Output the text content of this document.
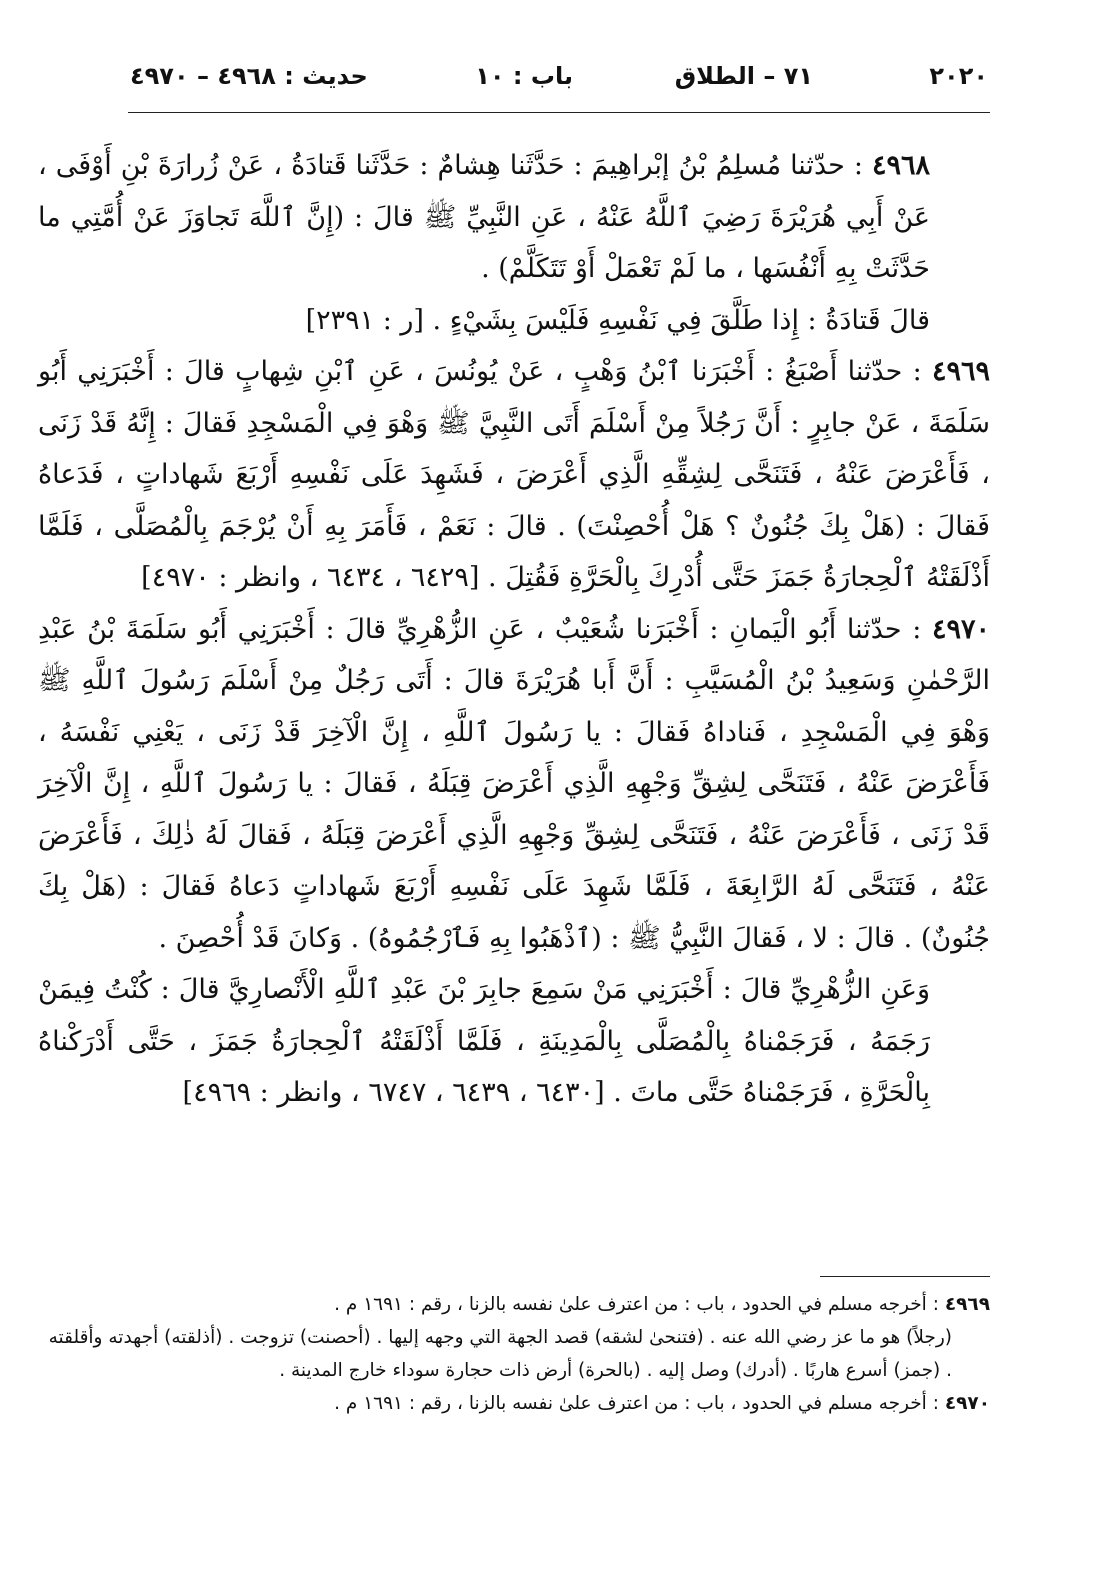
٢٠٢٠
٧١ – الطلاق
باب : ١٠
حديث : ٤٩٦٨ – ٤٩٧٠

٤٩٦٨ : حدّثنا مُسلِمُ بْنُ إبْراهِيمَ : حَدَّثَنا هِشامٌ : حَدَّثَنا قَتادَةُ ، عَنْ زُرارَةَ بْنِ أَوْفَى ، عَنْ أَبِي هُرَيْرَةَ رَضِيَ ٱللَّهُ عَنْهُ ، عَنِ النَّبِيِّ ﷺ قالَ : (إِنَّ ٱللَّهَ تَجاوَزَ عَنْ أُمَّتِي ما حَدَّثَتْ بِهِ أَنْفُسَها ، ما لَمْ تَعْمَلْ أَوْ تَتَكَلَّمْ) .

قالَ قَتادَةُ : إِذا طَلَّقَ فِي نَفْسِهِ فَلَيْسَ بِشَيْءٍ . [ر : ٢٣٩١]

٤٩٦٩ : حدّثنا أَصْبَغُ : أَخْبَرَنا ٱبْنُ وَهْبٍ ، عَنْ يُونُسَ ، عَنِ ٱبْنِ شِهابٍ قالَ : أَخْبَرَنِي أَبُو سَلَمَةَ ، عَنْ جابِرٍ : أَنَّ رَجُلاً مِنْ أَسْلَمَ أَتَى النَّبِيَّ ﷺ وَهْوَ فِي الْمَسْجِدِ فَقالَ : إِنَّهُ قَدْ زَنَى ، فَأَعْرَضَ عَنْهُ ، فَتَنَحَّى لِشِقِّهِ الَّذِي أَعْرَضَ ، فَشَهِدَ عَلَى نَفْسِهِ أَرْبَعَ شَهاداتٍ ، فَدَعاهُ فَقالَ : (هَلْ بِكَ جُنُونٌ ؟ هَلْ أُحْصِنْتَ) . قالَ : نَعَمْ ، فَأَمَرَ بِهِ أَنْ يُرْجَمَ بِالْمُصَلَّى ، فَلَمَّا أَذْلَقَتْهُ ٱلْحِجارَةُ جَمَزَ حَتَّى أُدْرِكَ بِالْحَرَّةِ فَقُتِلَ . [٦٤٢٩ ، ٦٤٣٤ ، وانظر : ٤٩٧٠]

٤٩٧٠ : حدّثنا أَبُو الْيَمانِ : أَخْبَرَنا شُعَيْبٌ ، عَنِ الزُّهْرِيِّ قالَ : أَخْبَرَنِي أَبُو سَلَمَةَ بْنُ عَبْدِ الرَّحْمٰنِ وَسَعِيدُ بْنُ الْمُسَيَّبِ : أَنَّ أَبا هُرَيْرَةَ قالَ : أَتَى رَجُلٌ مِنْ أَسْلَمَ رَسُولَ ٱللَّهِ ﷺ وَهْوَ فِي الْمَسْجِدِ ، فَناداهُ فَقالَ : يا رَسُولَ ٱللَّهِ ، إِنَّ الْآخِرَ قَدْ زَنَى ، يَعْنِي نَفْسَهُ ، فَأَعْرَضَ عَنْهُ ، فَتَنَحَّى لِشِقِّ وَجْهِهِ الَّذِي أَعْرَضَ قِبَلَهُ ، فَقالَ : يا رَسُولَ ٱللَّهِ ، إِنَّ الْآخِرَ قَدْ زَنَى ، فَأَعْرَضَ عَنْهُ ، فَتَنَحَّى لِشِقِّ وَجْهِهِ الَّذِي أَعْرَضَ قِبَلَهُ ، فَقالَ لَهُ ذٰلِكَ ، فَأَعْرَضَ عَنْهُ ، فَتَنَحَّى لَهُ الرَّابِعَةَ ، فَلَمَّا شَهِدَ عَلَى نَفْسِهِ أَرْبَعَ شَهاداتٍ دَعاهُ فَقالَ : (هَلْ بِكَ جُنُونٌ) . قالَ : لا ، فَقالَ النَّبِيُّ ﷺ : (ٱذْهَبُوا بِهِ فَٱرْجُمُوهُ) . وَكانَ قَدْ أُحْصِنَ .

وَعَنِ الزُّهْرِيِّ قالَ : أَخْبَرَنِي مَنْ سَمِعَ جابِرَ بْنَ عَبْدِ ٱللَّهِ الْأَنْصارِيَّ قالَ : كُنْتُ فِيمَنْ رَجَمَهُ ، فَرَجَمْناهُ بِالْمُصَلَّى بِالْمَدِينَةِ ، فَلَمَّا أَذْلَقَتْهُ ٱلْحِجارَةُ جَمَزَ ، حَتَّى أَدْرَكْناهُ بِالْحَرَّةِ ، فَرَجَمْناهُ حَتَّى ماتَ . [٦٤٣٠ ، ٦٤٣٩ ، ٦٧٤٧ ، وانظر : ٤٩٦٩]

٤٩٦٩ : أخرجه مسلم في الحدود ، باب : من اعترف علىٰ نفسه بالزنا ، رقم : ١٦٩١ م .

(رجلاً) هو ما عز رضي الله عنه . (فتنحىٰ لشقه) قصد الجهة التي وجهه إليها . (أحصنت) تزوجت . (أذلقته) أجهدته وأقلقته . (جمز) أسرع هاربًا . (أدرك) وصل إليه . (بالحرة) أرض ذات حجارة سوداء خارج المدينة .

٤٩٧٠ : أخرجه مسلم في الحدود ، باب : من اعترف علىٰ نفسه بالزنا ، رقم : ١٦٩١ م .
